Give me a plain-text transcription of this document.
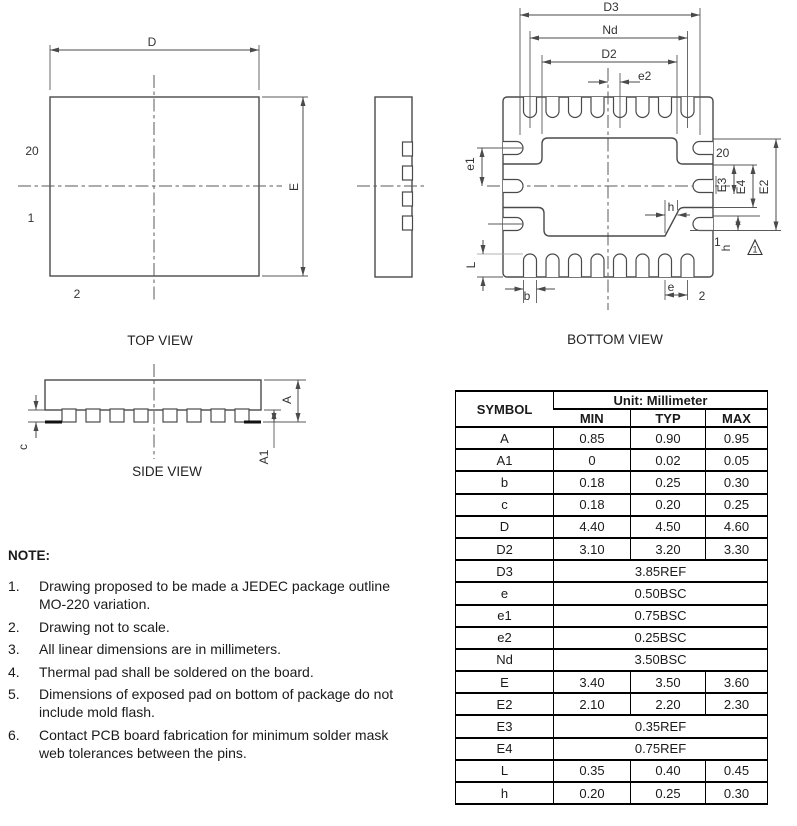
D
E
20
1
2
TOP VIEW
D3
Nd
D2
e2
e1
L
b
e
2
h
E3 E4 E2
h
20
1
1
BOTTOM VIEW
c
A
A1
SIDE VIEW

NOTE:

1.	Drawing proposed to be made a JEDEC package outline MO-220 variation.
2.	Drawing not to scale.
3.	All linear dimensions are in millimeters.
4.	Thermal pad shall be soldered on the board.
5.	Dimensions of exposed pad on bottom of package do not include mold flash.
6.	Contact PCB board fabrication for minimum solder mask web tolerances between the pins.
SYMBOL	Unit: Millimeter		
	MIN	TYP	MAX
A	0.85	0.90	0.95
A1	0	0.02	0.05
b	0.18	0.25	0.30
c	0.18	0.20	0.25
D	4.40	4.50	4.60
D2	3.10	3.20	3.30
D3	3.85REF		
e	0.50BSC		
e1	0.75BSC		
e2	0.25BSC		
Nd	3.50BSC		
E	3.40	3.50	3.60
E2	2.10	2.20	2.30
E3	0.35REF		
E4	0.75REF		
L	0.35	0.40	0.45
h	0.20	0.25	0.30
